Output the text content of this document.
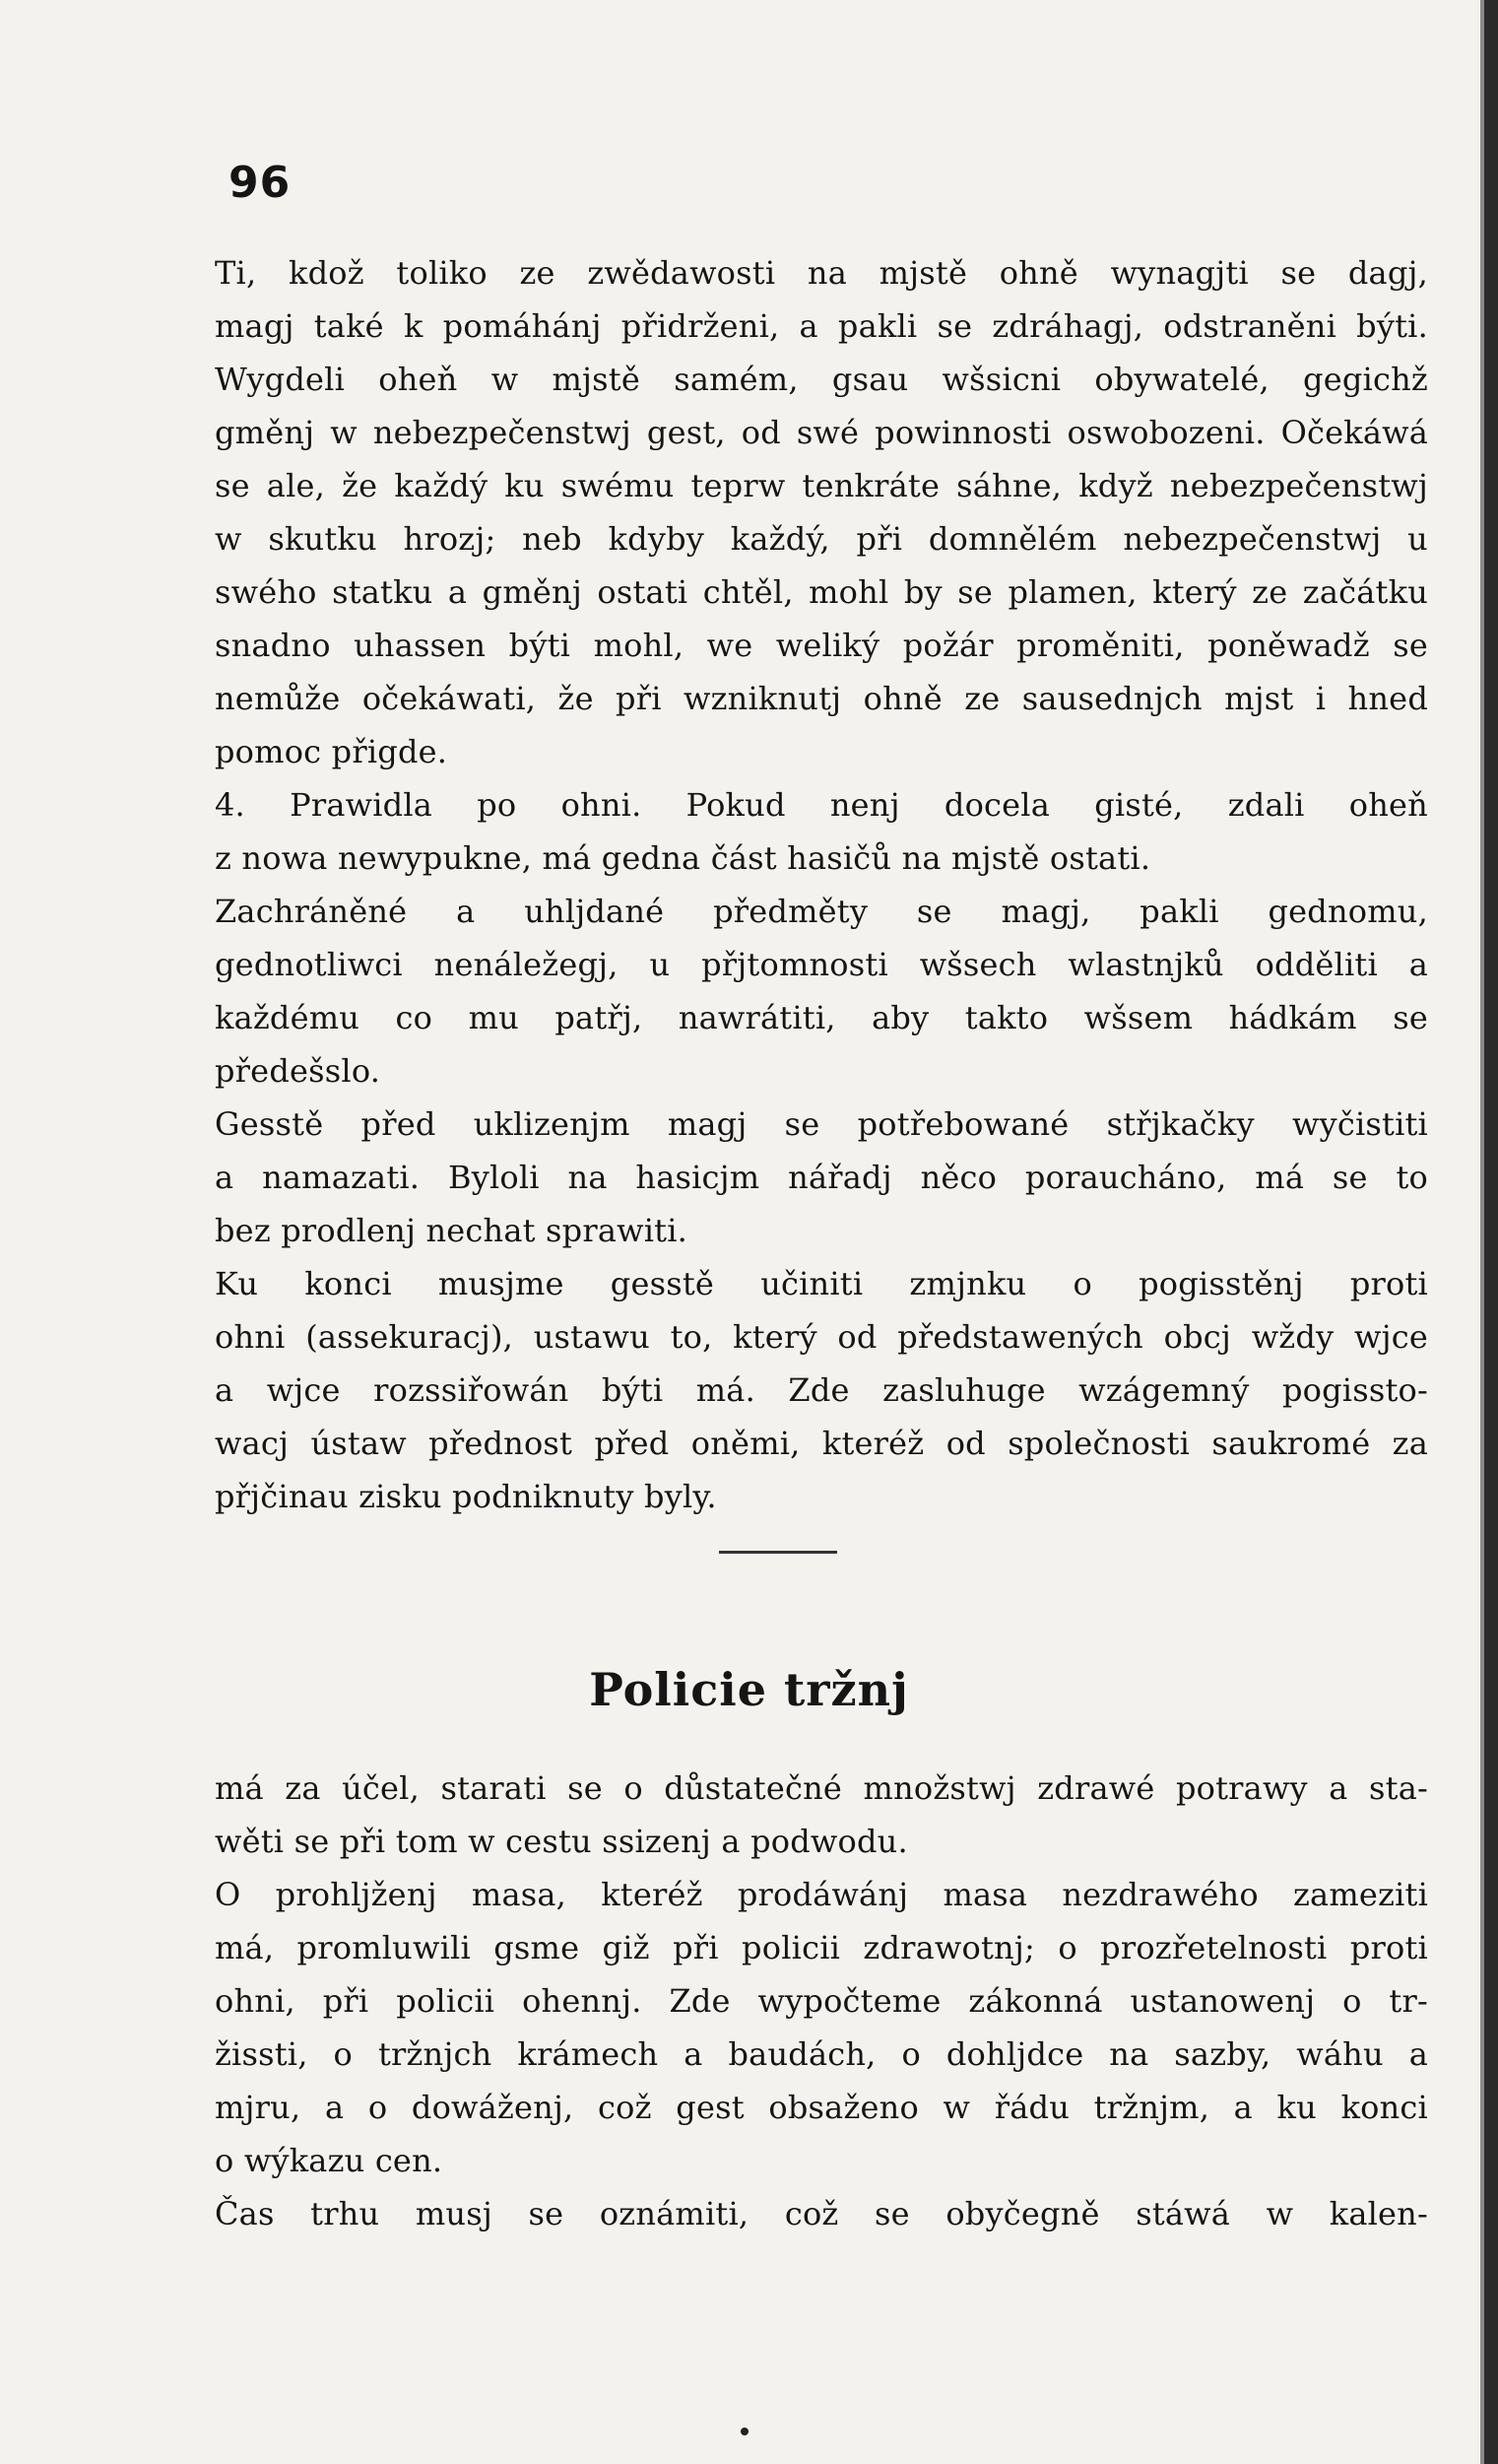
96
Ti, kdož toliko ze zwědawosti na mjstě ohně wynagjti se dagj,
magj také k pomáhánj přidrženi, a pakli se zdráhagj, odstraněni býti.
Wygdeli oheň w mjstě samém, gsau wšsicni obywatelé, gegichž
gměnj w nebezpečenstwj gest, od swé powinnosti oswobozeni. Očekáwá
se ale, že každý ku swému teprw tenkráte sáhne, když nebezpečenstwj
w skutku hrozj; neb kdyby každý, při domnělém nebezpečenstwj u
swého statku a gměnj ostati chtěl, mohl by se plamen, který ze začátku
snadno uhassen býti mohl, we weliký požár proměniti, poněwadž se
nemůže očekáwati, že při wzniknutj ohně ze sausednjch mjst i hned
pomoc přigde.
4. Prawidla po ohni. Pokud nenj docela gisté, zdali oheň
z nowa newypukne, má gedna část hasičů na mjstě ostati.
Zachráněné a uhljdané předměty se magj, pakli gednomu,
gednotliwci nenáležegj, u přjtomnosti wšsech wlastnjků odděliti a
každému co mu patřj, nawrátiti, aby takto wšsem hádkám se
předešslo.
Gesstě před uklizenjm magj se potřebowané střjkačky wyčistiti
a namazati. Byloli na hasicjm nářadj něco porauchánо, má se to
bez prodlenj nechat sprawiti.
Ku konci musjme gesstě učiniti zmjnku o pogisstěnj proti
ohni (assekuracj), ustawu to, který od předstawených obcj wždy wjce
a wjce rozssiřowán býti má. Zde zasluhuge wzágemný pogissto-
wacj ústaw přednost před oněmi, kteréž od společnosti saukromé za
přjčinau zisku podniknuty byly.
Policie tržnj
má za účel, starati se o důstatečné množstwj zdrawé potrawy a sta-
wěti se při tom w cestu ssizenj a podwodu.
O prohljženj masa, kteréž prodáwánj masa nezdrawého zameziti
má, promluwili gsme giž při policii zdrawotnj; o prozřetelnosti proti
ohni, při policii ohennj. Zde wypočteme zákonná ustanowenj o tr-
žissti, o tržnjch krámech a baudách, o dohljdce na sazby, wáhu a
mjru, a o dowáženj, což gest obsaženo w řádu tržnjm, a ku konci
o wýkazu cen.
Čas trhu musj se oznámiti, což se obyčegně stáwá w kalen-
